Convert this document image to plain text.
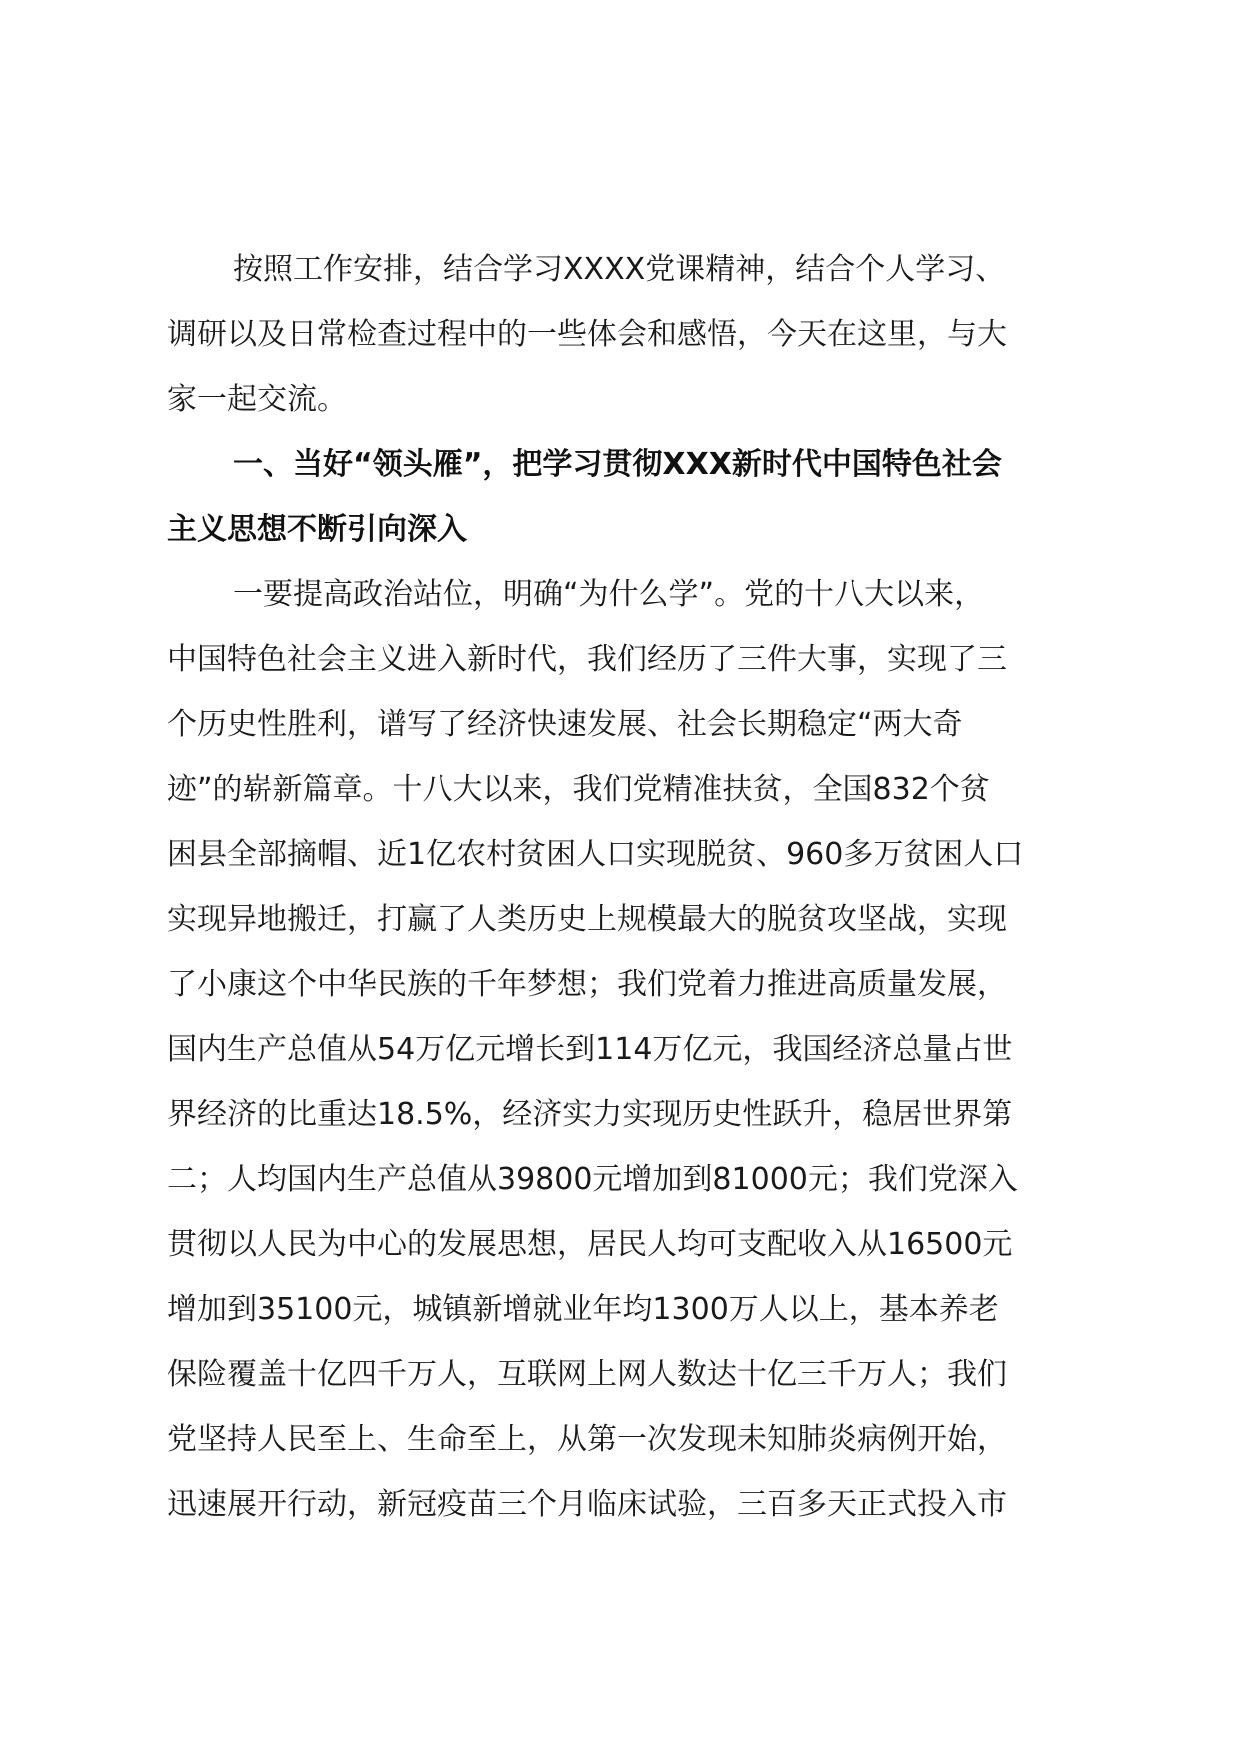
按照工作安排，结合学习XXXX党课精神，结合个人学习、
调研以及日常检查过程中的一些体会和感悟，今天在这里，与大
家一起交流。
一、当好“领头雁”，把学习贯彻XXX新时代中国特色社会
主义思想不断引向深入
一要提高政治站位，明确“为什么学”。党的十八大以来，
中国特色社会主义进入新时代，我们经历了三件大事，实现了三
个历史性胜利，谱写了经济快速发展、社会长期稳定“两大奇
迹”的崭新篇章。十八大以来，我们党精准扶贫，全国832个贫
困县全部摘帽、近1亿农村贫困人口实现脱贫、960多万贫困人口
实现异地搬迁，打赢了人类历史上规模最大的脱贫攻坚战，实现
了小康这个中华民族的千年梦想；我们党着力推进高质量发展，
国内生产总值从54万亿元增长到114万亿元，我国经济总量占世
界经济的比重达18.5%，经济实力实现历史性跃升，稳居世界第
二；人均国内生产总值从39800元增加到81000元；我们党深入
贯彻以人民为中心的发展思想，居民人均可支配收入从16500元
增加到35100元，城镇新增就业年均1300万人以上，基本养老
保险覆盖十亿四千万人，互联网上网人数达十亿三千万人；我们
党坚持人民至上、生命至上，从第一次发现未知肺炎病例开始，
迅速展开行动，新冠疫苗三个月临床试验，三百多天正式投入市
